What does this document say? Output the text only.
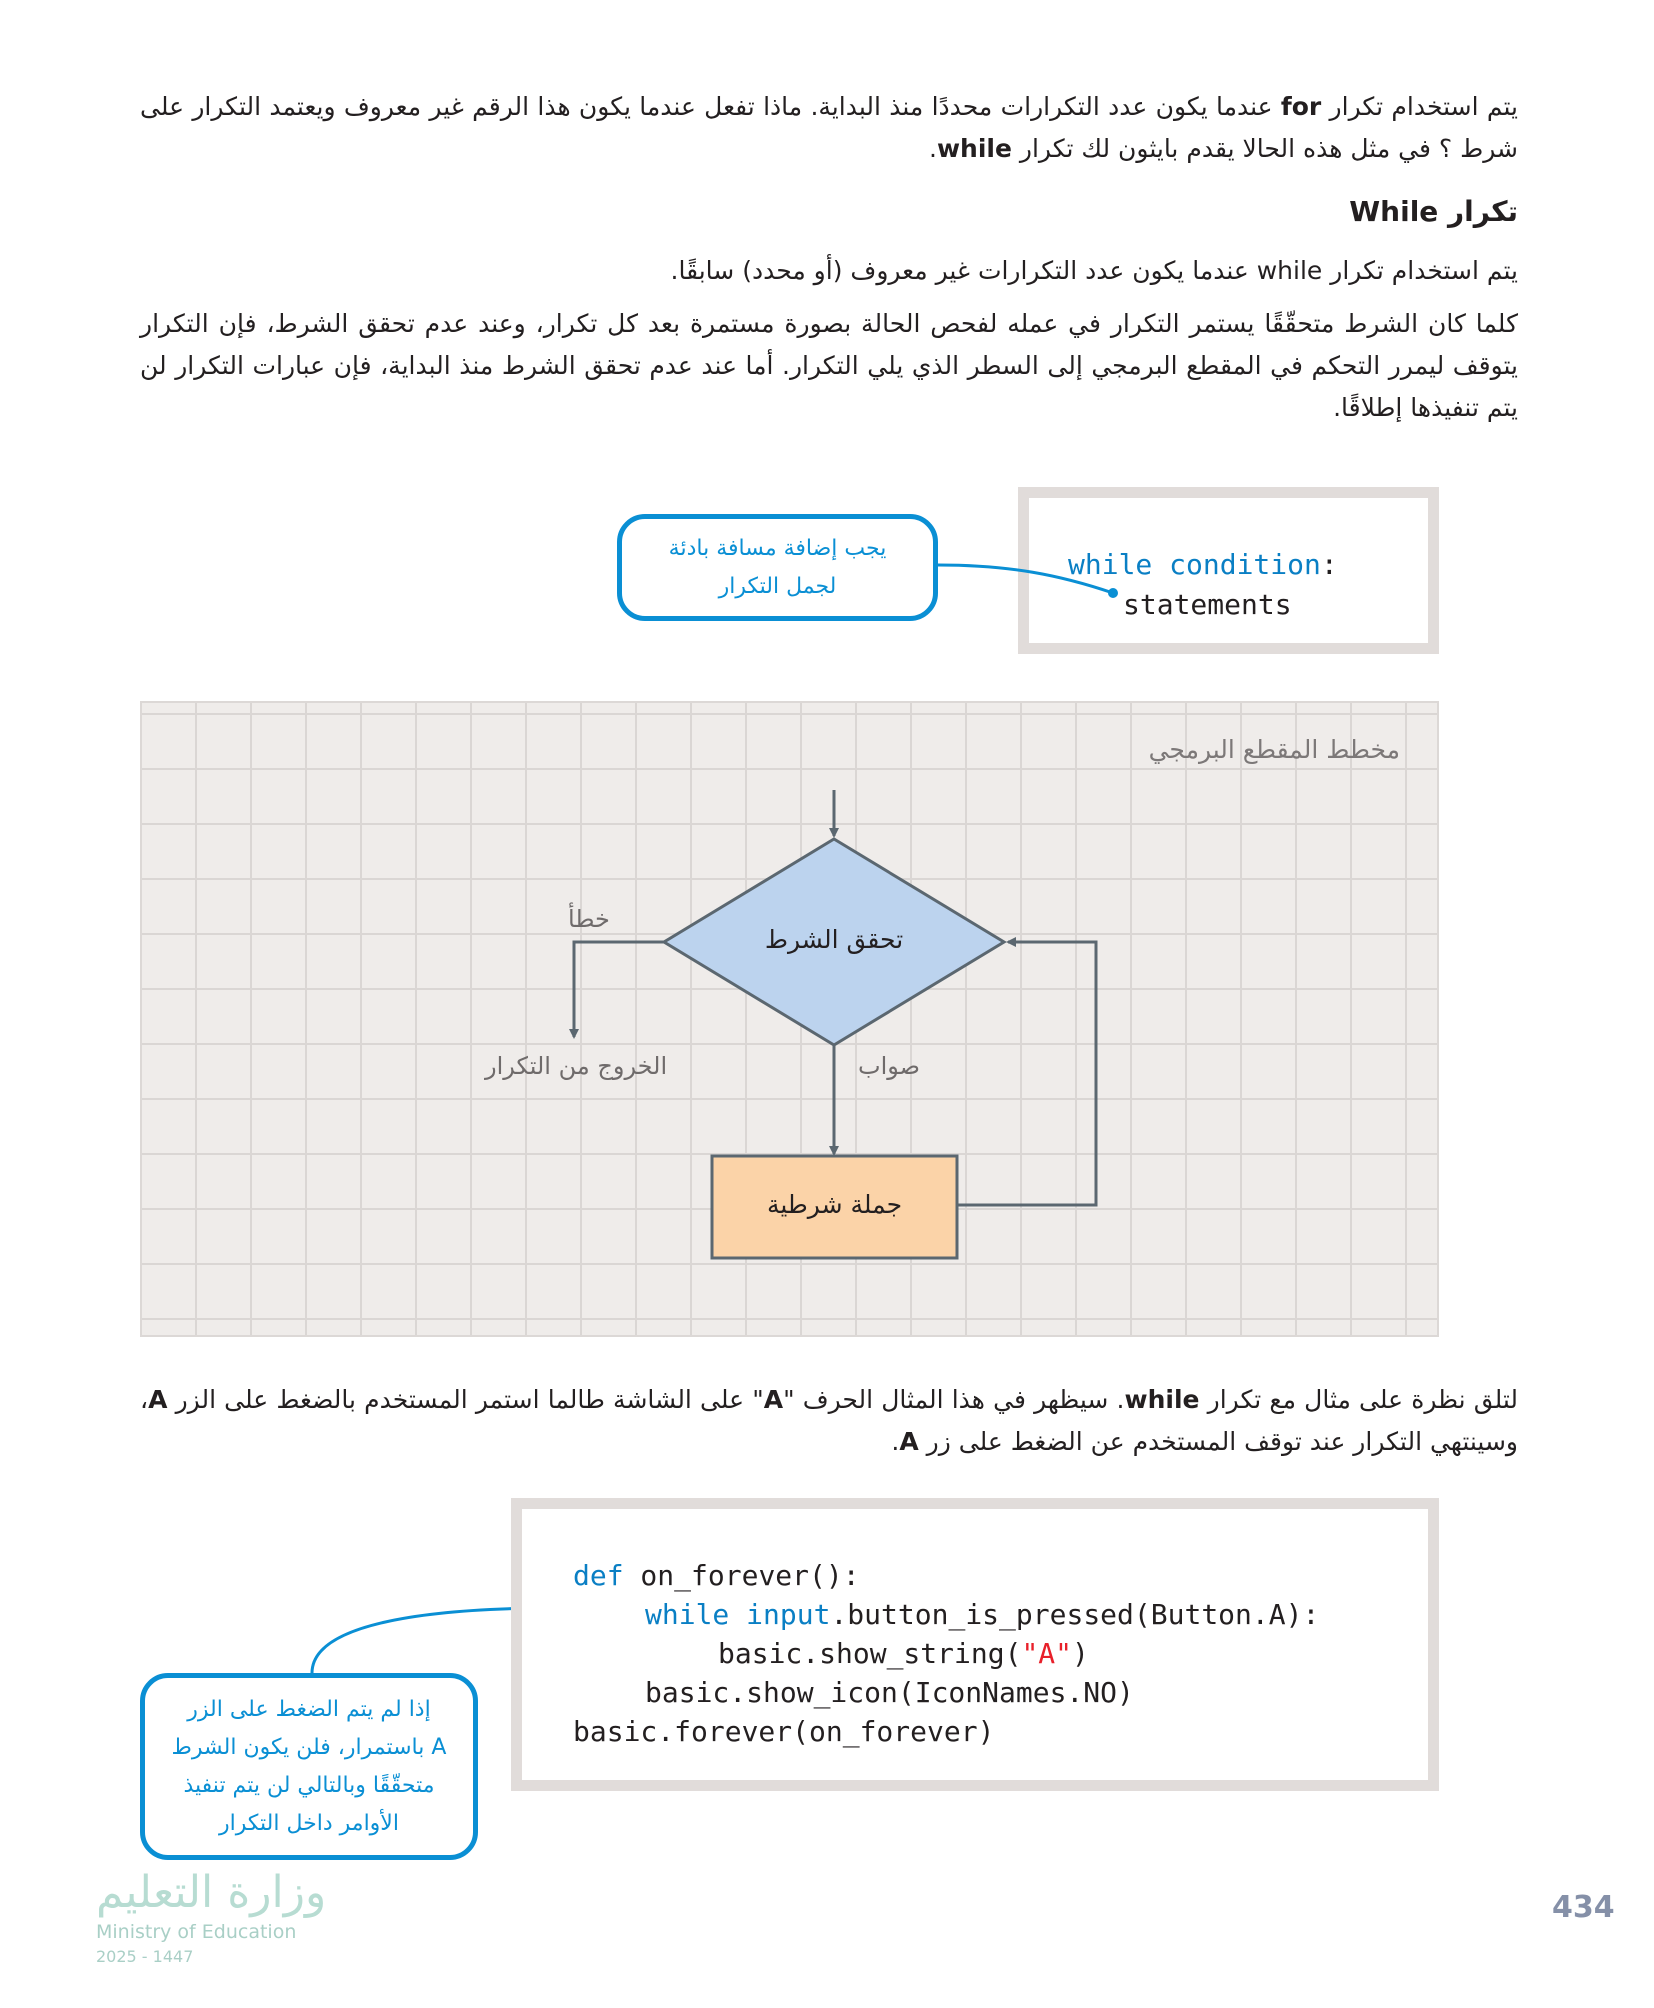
يتم استخدام تكرار for عندما يكون عدد التكرارات محددًا منذ البداية. ماذا تفعل عندما يكون هذا الرقم غير معروف ويعتمد التكرار على شرط ؟ في مثل هذه الحالا يقدم بايثون لك تكرار while.
تكرار While
يتم استخدام تكرار while عندما يكون عدد التكرارات غير معروف (أو محدد) سابقًا.
كلما كان الشرط متحقّقًا يستمر التكرار في عمله لفحص الحالة بصورة مستمرة بعد كل تكرار، وعند عدم تحقق الشرط، فإن التكرار يتوقف ليمرر التحكم في المقطع البرمجي إلى السطر الذي يلي التكرار. أما عند عدم تحقق الشرط منذ البداية، فإن عبارات التكرار لن يتم تنفيذها إطلاقًا.
while condition:
statements
يجب إضافة مسافة بادئة
لجمل التكرار
مخطط المقطع البرمجي
تحقق الشرط
جملة شرطية
خطأ
صواب
الخروج من التكرار
لتلق نظرة على مثال مع تكرار while. سيظهر في هذا المثال الحرف "A" على الشاشة طالما استمر المستخدم بالضغط على الزر A، وسينتهي التكرار عند توقف المستخدم عن الضغط على زر A.
def on_forever():
while input.button_is_pressed(Button.A):
basic.show_string("A")
basic.show_icon(IconNames.NO)
basic.forever(on_forever)
إذا لم يتم الضغط على الزر
A باستمرار، فلن يكون الشرط
متحقّقًا وبالتالي لن يتم تنفيذ
الأوامر داخل التكرار
وزارة التعليم
Ministry of Education
2025 - 1447
434
